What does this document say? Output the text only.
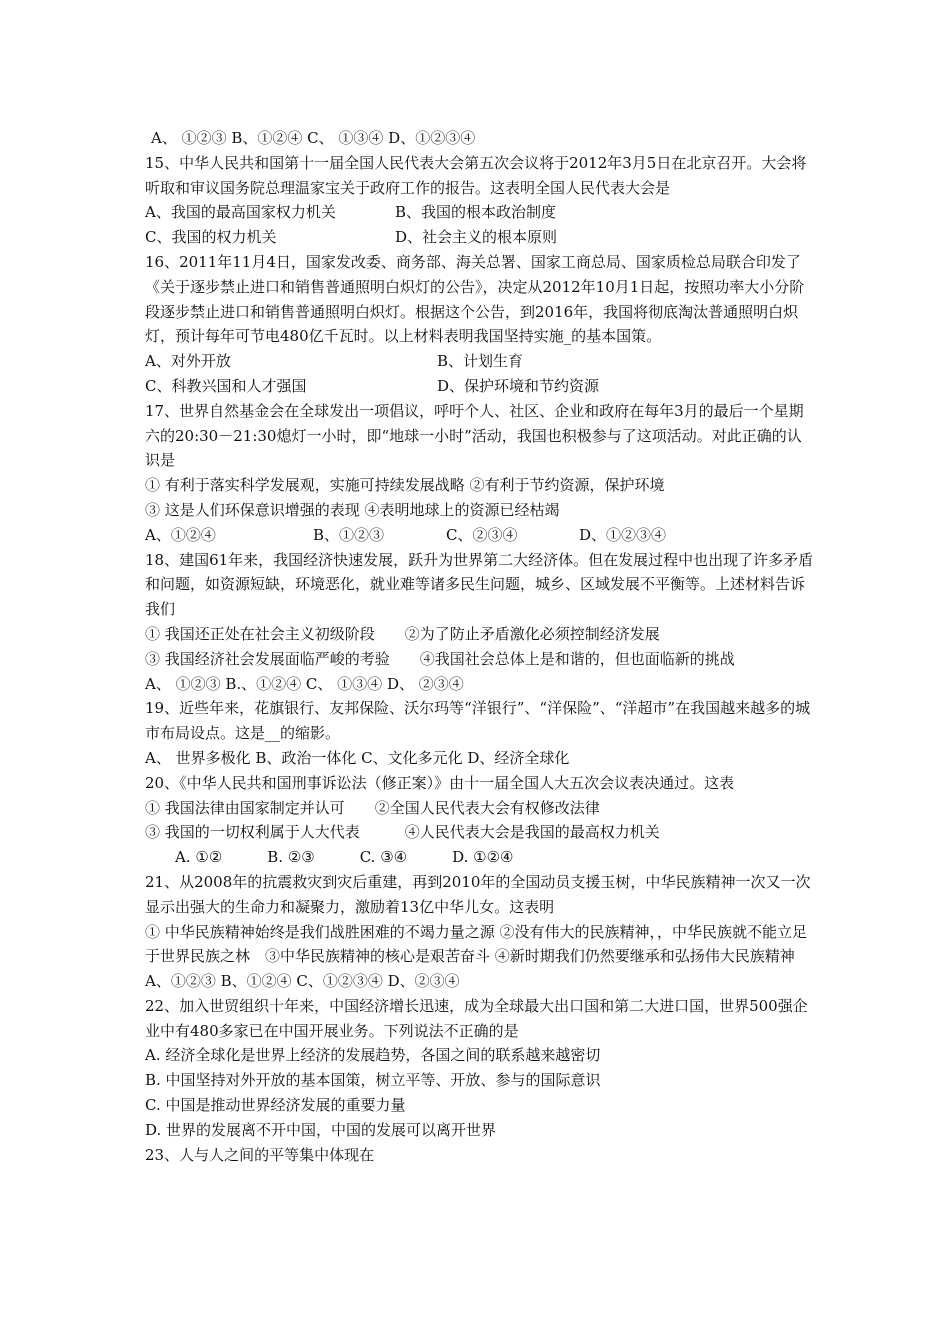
A、 ①②③ B、①②④ C、 ①③④ D、①②③④
15、中华人民共和国第十一届全国人民代表大会第五次会议将于2012年3月5日在北京召开。大会将听取和审议国务院总理温家宝关于政府工作的报告。这表明全国人民代表大会是
A、我国的最高国家权力机关	B、我国的根本政治制度
C、我国的权力机关	D、社会主义的根本原则
16、2011年11月4日，国家发改委、商务部、海关总署、国家工商总局、国家质检总局联合印发了《关于逐步禁止进口和销售普通照明白炽灯的公告》，决定从2012年10月1日起，按照功率大小分阶段逐步禁止进口和销售普通照明白炽灯。根据这个公告，到2016年，我国将彻底淘汰普通照明白炽灯，预计每年可节电480亿千瓦时。以上材料表明我国坚持实施_的基本国策。
A、对外开放	B、计划生育
C、科教兴国和人才强国	D、保护环境和节约资源
17、世界自然基金会在全球发出一项倡议，呼吁个人、社区、企业和政府在每年3月的最后一个星期六的20:30－21:30熄灯一小时，即“地球一小时”活动，我国也积极参与了这项活动。对此正确的认识是
① 有利于落实科学发展观，实施可持续发展战略 ②有利于节约资源，保护环境
③ 这是人们环保意识增强的表现 ④表明地球上的资源已经枯竭
A、①②④	B、①②③	C、②③④	D、①②③④
18、建国61年来，我国经济快速发展，跃升为世界第二大经济体。但在发展过程中也出现了许多矛盾和问题，如资源短缺，环境恶化，就业难等诸多民生问题，城乡、区域发展不平衡等。上述材料告诉我们
① 我国还正处在社会主义初级阶段　　②为了防止矛盾激化必须控制经济发展
③ 我国经济社会发展面临严峻的考验　　④我国社会总体上是和谐的，但也面临新的挑战
A、 ①②③ B.、①②④ C、 ①③④ D、 ②③④
19、近些年来，花旗银行、友邦保险、沃尔玛等“洋银行”、“洋保险”、“洋超市”在我国越来越多的城市布局设点。这是__的缩影。
A、 世界多极化 B、政治一体化 C、文化多元化 D、经济全球化
20、《中华人民共和国刑事诉讼法（修正案）》由十一届全国人大五次会议表决通过。这表
① 我国法律由国家制定并认可　　②全国人民代表大会有权修改法律
③ 我国的一切权利属于人大代表　　　④人民代表大会是我国的最高权力机关
A. ①②　　　B. ②③　　　C. ③④　　　D. ①②④
21、从2008年的抗震救灾到灾后重建，再到2010年的全国动员支援玉树，中华民族精神一次又一次显示出强大的生命力和凝聚力，激励着13亿中华儿女。这表明
① 中华民族精神始终是我们战胜困难的不竭力量之源 ②没有伟大的民族精神，，中华民族就不能立足于世界民族之林　③中华民族精神的核心是艰苦奋斗 ④新时期我们仍然要继承和弘扬伟大民族精神
A、①②③ B、①②④ C、①②③④ D、②③④
22、加入世贸组织十年来，中国经济增长迅速，成为全球最大出口国和第二大进口国，世界500强企业中有480多家已在中国开展业务。下列说法不正确的是
A. 经济全球化是世界上经济的发展趋势，各国之间的联系越来越密切
B. 中国坚持对外开放的基本国策，树立平等、开放、参与的国际意识
C. 中国是推动世界经济发展的重要力量
D. 世界的发展离不开中国，中国的发展可以离开世界
23、人与人之间的平等集中体现在
